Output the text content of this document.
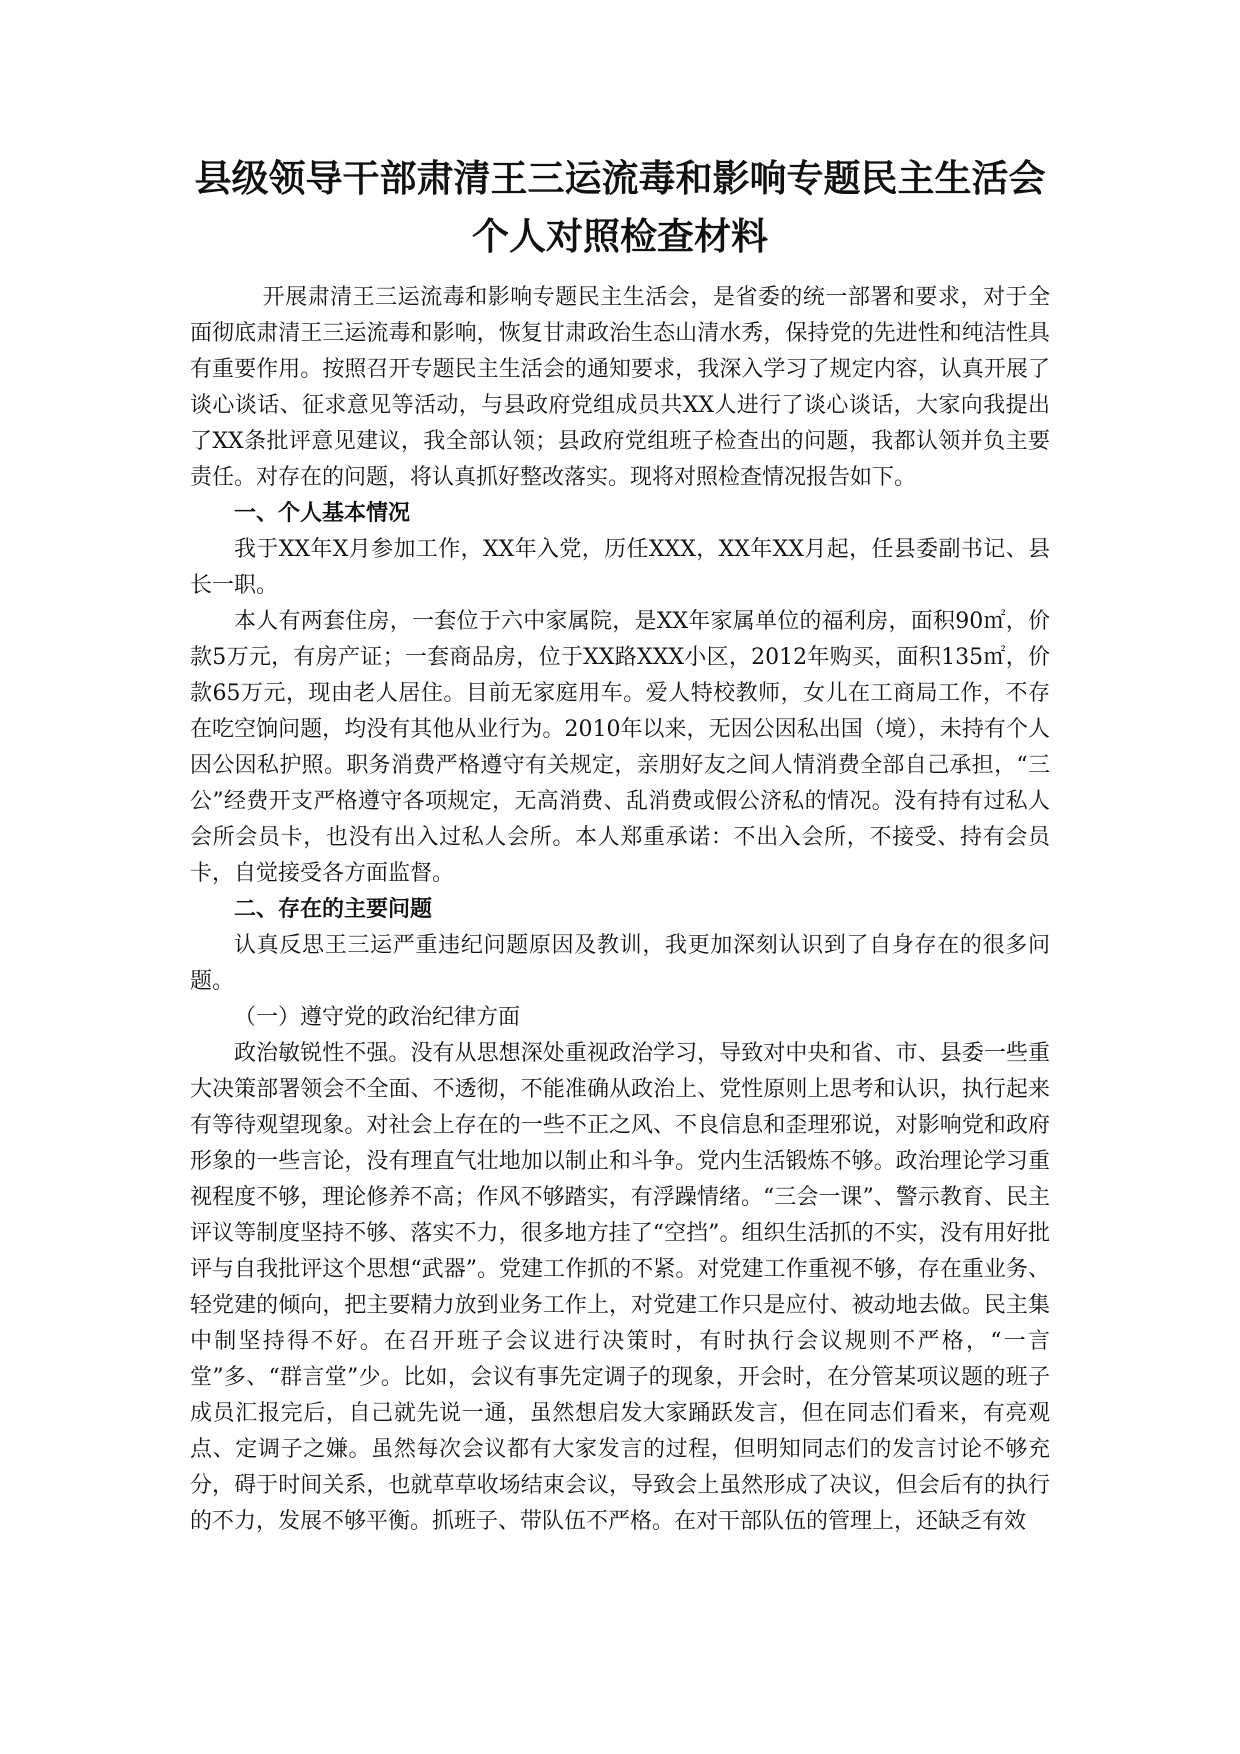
县级领导干部肃清王三运流毒和影响专题民主生活会
个人对照检查材料

开展肃清王三运流毒和影响专题民主生活会，是省委的统一部署和要求，对于全面彻底肃清王三运流毒和影响，恢复甘肃政治生态山清水秀，保持党的先进性和纯洁性具有重要作用。按照召开专题民主生活会的通知要求，我深入学习了规定内容，认真开展了谈心谈话、征求意见等活动，与县政府党组成员共XX人进行了谈心谈话，大家向我提出了XX条批评意见建议，我全部认领；县政府党组班子检查出的问题，我都认领并负主要责任。对存在的问题，将认真抓好整改落实。现将对照检查情况报告如下。

一、个人基本情况

我于XX年X月参加工作，XX年入党，历任XXX，XX年XX月起，任县委副书记、县长一职。

本人有两套住房，一套位于六中家属院，是XX年家属单位的福利房，面积90㎡，价款5万元，有房产证；一套商品房，位于XX路XXX小区，2012年购买，面积135㎡，价款65万元，现由老人居住。目前无家庭用车。爱人特校教师，女儿在工商局工作，不存在吃空饷问题，均没有其他从业行为。2010年以来，无因公因私出国（境），未持有个人因公因私护照。职务消费严格遵守有关规定，亲朋好友之间人情消费全部自己承担，“三公”经费开支严格遵守各项规定，无高消费、乱消费或假公济私的情况。没有持有过私人会所会员卡，也没有出入过私人会所。本人郑重承诺：不出入会所，不接受、持有会员卡，自觉接受各方面监督。

二、存在的主要问题

认真反思王三运严重违纪问题原因及教训，我更加深刻认识到了自身存在的很多问题。

（一）遵守党的政治纪律方面

政治敏锐性不强。没有从思想深处重视政治学习，导致对中央和省、市、县委一些重大决策部署领会不全面、不透彻，不能准确从政治上、党性原则上思考和认识，执行起来有等待观望现象。对社会上存在的一些不正之风、不良信息和歪理邪说，对影响党和政府形象的一些言论，没有理直气壮地加以制止和斗争。党内生活锻炼不够。政治理论学习重视程度不够，理论修养不高；作风不够踏实，有浮躁情绪。“三会一课”、警示教育、民主评议等制度坚持不够、落实不力，很多地方挂了“空挡”。组织生活抓的不实，没有用好批评与自我批评这个思想“武器”。党建工作抓的不紧。对党建工作重视不够，存在重业务、轻党建的倾向，把主要精力放到业务工作上，对党建工作只是应付、被动地去做。民主集中制坚持得不好。在召开班子会议进行决策时，有时执行会议规则不严格，“一言堂”多、“群言堂”少。比如，会议有事先定调子的现象，开会时，在分管某项议题的班子成员汇报完后，自己就先说一通，虽然想启发大家踊跃发言，但在同志们看来，有亮观点、定调子之嫌。虽然每次会议都有大家发言的过程，但明知同志们的发言讨论不够充分，碍于时间关系，也就草草收场结束会议，导致会上虽然形成了决议，但会后有的执行的不力，发展不够平衡。抓班子、带队伍不严格。在对干部队伍的管理上，还缺乏有效
